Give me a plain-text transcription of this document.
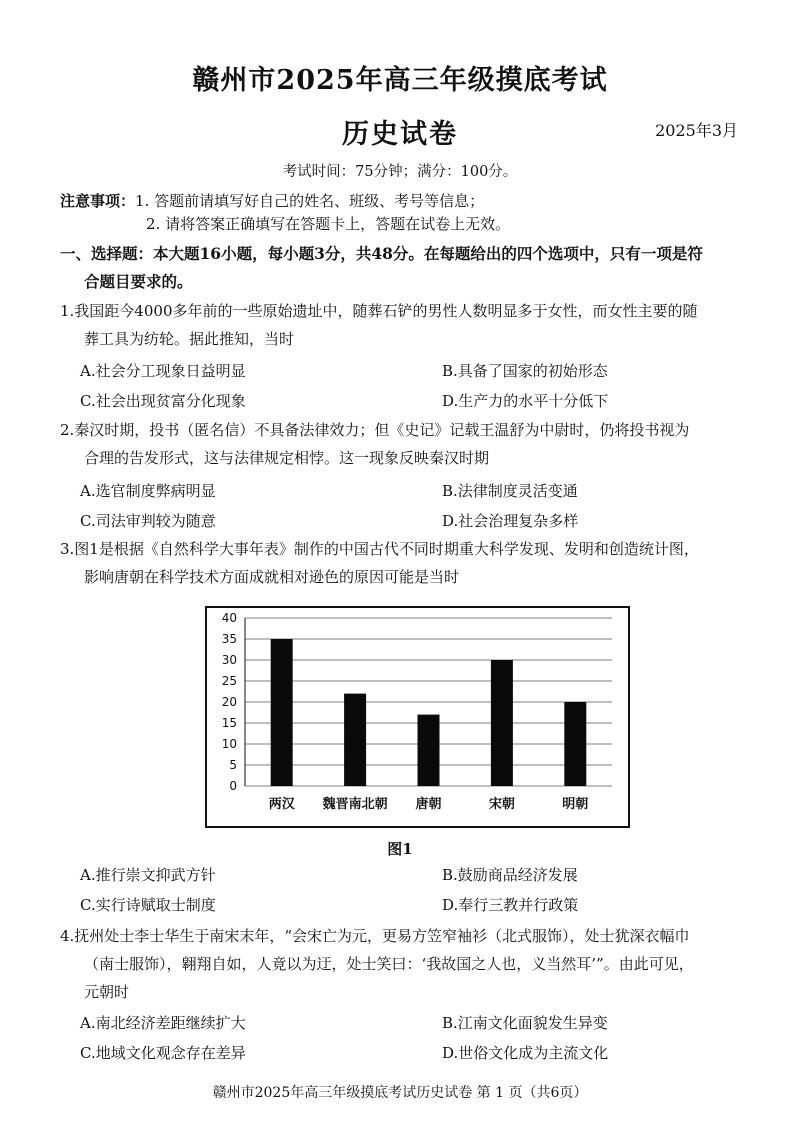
赣州市2025年高三年级摸底考试
历史试卷	2025年3月
考试时间：75分钟；满分：100分。
注意事项：1. 答题前请填写好自己的姓名、班级、考号等信息；
2. 请将答案正确填写在答题卡上，答题在试卷上无效。
一、选择题：本大题16小题，每小题3分，共48分。在每题给出的四个选项中，只有一项是符
合题目要求的。
1.我国距今4000多年前的一些原始遗址中，随葬石铲的男性人数明显多于女性，而女性主要的随
葬工具为纺轮。据此推知，当时
A.社会分工现象日益明显	B.具备了国家的初始形态
C.社会出现贫富分化现象	D.生产力的水平十分低下
2.秦汉时期，投书（匿名信）不具备法律效力；但《史记》记载王温舒为中尉时，仍将投书视为
合理的告发形式，这与法律规定相悖。这一现象反映秦汉时期
A.选官制度弊病明显	B.法律制度灵活变通
C.司法审判较为随意	D.社会治理复杂多样
3.图1是根据《自然科学大事年表》制作的中国古代不同时期重大科学发现、发明和创造统计图，
影响唐朝在科学技术方面成就相对逊色的原因可能是当时
0
5
10
15
20
25
30
35
40
两汉 魏晋南北朝 唐朝	宋朝	明朝
图1
A.推行崇文抑武方针	B.鼓励商品经济发展
C.实行诗赋取士制度	D.奉行三教并行政策
4.抚州处士李士华生于南宋末年，“会宋亡为元，更易方笠窄袖衫（北式服饰），处士犹深衣幅巾
（南士服饰），翱翔自如，人竟以为迂，处士笑曰：‘我故国之人也，义当然耳’”。由此可见，
元朝时
A.南北经济差距继续扩大	B.江南文化面貌发生异变
C.地域文化观念存在差异	D.世俗文化成为主流文化
赣州市2025年高三年级摸底考试历史试卷 第 1 页（共6页）
